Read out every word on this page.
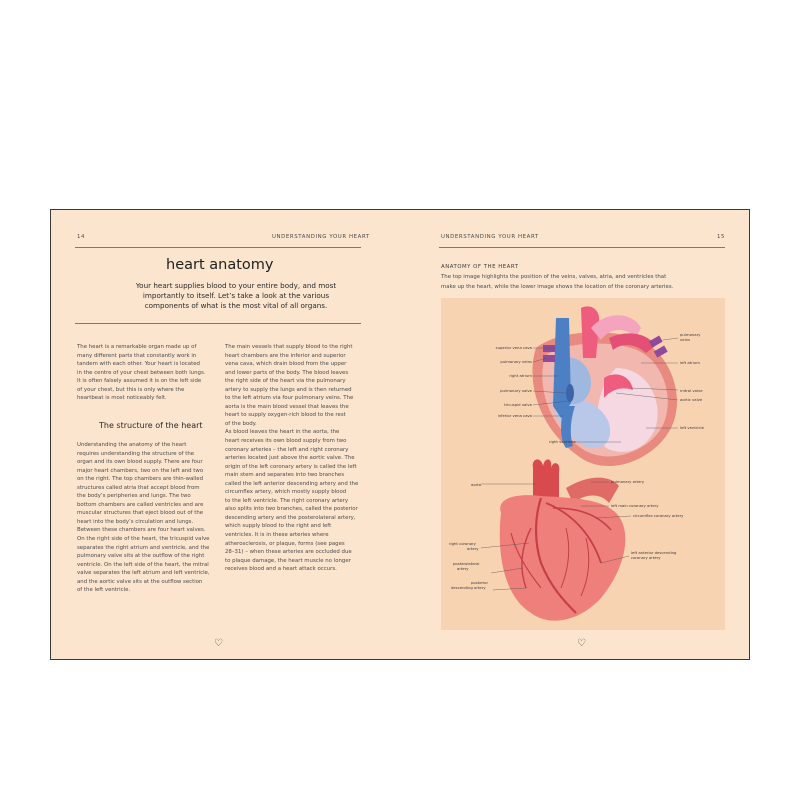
14	UNDERSTANDING YOUR HEART
heart anatomy
Your heart supplies blood to your entire body, and most
importantly to itself. Let’s take a look at the various
components of what is the most vital of all organs.

The heart is a remarkable organ made up of

many different parts that constantly work in

tandem with each other. Your heart is located

in the centre of your chest between both lungs.

It is often falsely assumed it is on the left side

of your chest, but this is only where the

heartbeat is most noticeably felt.

The structure of the heart

Understanding the anatomy of the heart

requires understanding the structure of the

organ and its own blood supply. There are four

major heart chambers, two on the left and two

on the right. The top chambers are thin-walled

structures called atria that accept blood from

the body’s peripheries and lungs. The two

bottom chambers are called ventricles and are

muscular structures that eject blood out of the

heart into the body’s circulation and lungs.

Between these chambers are four heart valves.

On the right side of the heart, the tricuspid valve

separates the right atrium and ventricle, and the

pulmonary valve sits at the outflow of the right

ventricle. On the left side of the heart, the mitral

valve separates the left atrium and left ventricle,

and the aortic valve sits at the outflow section

of the left ventricle.

The main vessels that supply blood to the right

heart chambers are the inferior and superior

vena cava, which drain blood from the upper

and lower parts of the body. The blood leaves

the right side of the heart via the pulmonary

artery to supply the lungs and is then returned

to the left atrium via four pulmonary veins. The

aorta is the main blood vessel that leaves the

heart to supply oxygen-rich blood to the rest

of the body.

As blood leaves the heart in the aorta, the

heart receives its own blood supply from two

coronary arteries – the left and right coronary

arteries located just above the aortic valve. The

origin of the left coronary artery is called the left

main stem and separates into two branches

called the left anterior descending artery and the

circumflex artery, which mostly supply blood

to the left ventricle. The right coronary artery

also splits into two branches, called the posterior

descending artery and the posterolateral artery,

which supply blood to the right and left

ventricles. It is in these arteries where

atherosclerosis, or plaque, forms (see pages

28–31) – when these arteries are occluded due

to plaque damage, the heart muscle no longer

receives blood and a heart attack occurs.

♡
UNDERSTANDING YOUR HEART	15
ANATOMY OF THE HEART
The top image highlights the position of the veins, valves, atria, and ventricles that
make up the heart, while the lower image shows the location of the coronary arteries.
superior vena cava
pulmonary veins
right atrium
pulmonary valve
tricuspid valve
inferior vena cava
right ventricle
pulmonary
veins
left atrium
mitral valve
aortic valve
left ventricle
aorta
pulmonary artery
left main coronary artery
circumflex coronary artery
right coronary
artery
left anterior descending
coronary artery
posterolateral
artery
posterior
descending artery
♡
